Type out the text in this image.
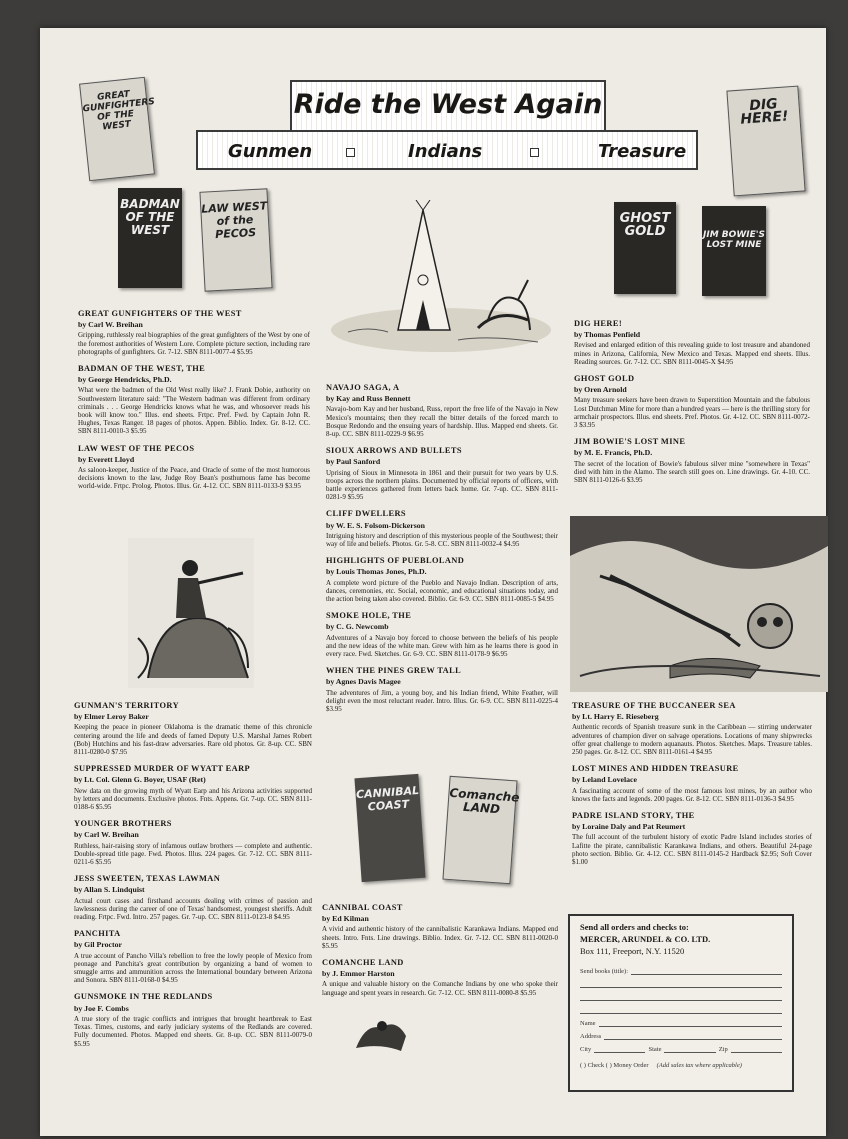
Ride the West Again
Gunmen	Indians	Treasure
GREAT GUNFIGHTERS OF THE WEST
BADMAN OF THE WEST
LAW WEST of the PECOS
DIG HERE!
GHOST GOLD	JIM BOWIE'S LOST MINE
CANNIBAL COAST
Comanche LAND
GREAT GUNFIGHTERS OF THE WEST
by Carl W. Breihan
Gripping, ruthlessly real biographies of the great gunfighters of the West by one of the foremost authorities of Western Lore. Complete picture section, including rare photographs of gunfighters. Gr. 7-12. SBN 8111-0077-4 $5.95
BADMAN OF THE WEST, THE
by George Hendricks, Ph.D.
What were the badmen of the Old West really like? J. Frank Dobie, authority on Southwestern literature said: "The Western badman was different from ordinary criminals . . . George Hendricks knows what he was, and whosoever reads his book will know too." Illus. end sheets. Frtpc. Pref. Fwd. by Captain John R. Hughes, Texas Ranger. 18 pages of photos. Appen. Biblio. Index. Gr. 8-12. CC. SBN 8111-0010-3 $5.95
LAW WEST OF THE PECOS
by Everett Lloyd
As saloon-keeper, Justice of the Peace, and Oracle of some of the most humorous decisions known to the law, Judge Roy Bean's posthumous fame has become world-wide. Frtpc. Prolog. Photos. Illus. Gr. 4-12. CC. SBN 8111-0133-9 $3.95
GUNMAN'S TERRITORY
by Elmer Leroy Baker
Keeping the peace in pioneer Oklahoma is the dramatic theme of this chronicle centering around the life and deeds of famed Deputy U.S. Marshal James Robert (Bob) Hutchins and his fast-draw adversaries. Rare old photos. Gr. 8-up. CC. SBN 8111-0280-0 $7.95
SUPPRESSED MURDER OF WYATT EARP
by Lt. Col. Glenn G. Boyer, USAF (Ret)
New data on the growing myth of Wyatt Earp and his Arizona activities supported by letters and documents. Exclusive photos. Fnts. Appens. Gr. 7-up. CC. SBN 8111-0188-6 $5.95
YOUNGER BROTHERS
by Carl W. Breihan
Ruthless, hair-raising story of infamous outlaw brothers — complete and authentic. Double-spread title page. Fwd. Photos. Illus. 224 pages. Gr. 7-12. CC. SBN 8111-0211-6 $5.95
JESS SWEETEN, TEXAS LAWMAN
by Allan S. Lindquist
Actual court cases and firsthand accounts dealing with crimes of passion and lawlessness during the career of one of Texas' handsomest, youngest sheriffs. Adult reading. Frtpc. Fwd. Intro. 257 pages. Gr. 7-up. CC. SBN 8111-0123-8 $4.95
PANCHITA
by Gil Proctor
A true account of Pancho Villa's rebellion to free the lowly people of Mexico from peonage and Panchita's great contribution by organizing a band of women to smuggle arms and ammunition across the International boundary between Arizona and Sonora. SBN 8111-0168-0 $4.95
GUNSMOKE IN THE REDLANDS
by Joe F. Combs
A true story of the tragic conflicts and intrigues that brought heartbreak to East Texas. Times, customs, and early judiciary systems of the Redlands are covered. Fully documented. Photos. Mapped end sheets. Gr. 8-up. CC. SBN 8111-0079-0 $5.95
NAVAJO SAGA, A
by Kay and Russ Bennett
Navajo-born Kay and her husband, Russ, report the free life of the Navajo in New Mexico's mountains; then they recall the bitter details of the forced march to Bosque Redondo and the ensuing years of hardship. Illus. Mapped end sheets. Gr. 8-up. CC. SBN 8111-0229-9 $6.95
SIOUX ARROWS AND BULLETS
by Paul Sanford
Uprising of Sioux in Minnesota in 1861 and their pursuit for two years by U.S. troops across the northern plains. Documented by official reports of officers, with battle experiences gathered from letters back home. Gr. 7-up. CC. SBN 8111-0281-9 $5.95
CLIFF DWELLERS
by W. E. S. Folsom-Dickerson
Intriguing history and description of this mysterious people of the Southwest; their way of life and beliefs. Photos. Gr. 5-8. CC. SBN 8111-0032-4 $4.95
HIGHLIGHTS OF PUEBLOLAND
by Louis Thomas Jones, Ph.D.
A complete word picture of the Pueblo and Navajo Indian. Description of arts, dances, ceremonies, etc. Social, economic, and educational situations today, and the action being taken also covered. Biblio. Gr. 6-9. CC. SBN 8111-0085-5 $4.95
SMOKE HOLE, THE
by C. G. Newcomb
Adventures of a Navajo boy forced to choose between the beliefs of his people and the new ideas of the white man. Grew with him as he learns there is good in every race. Fwd. Sketches. Gr. 6-9. CC. SBN 8111-0178-9 $6.95
WHEN THE PINES GREW TALL
by Agnes Davis Magee
The adventures of Jim, a young boy, and his Indian friend, White Feather, will delight even the most reluctant reader. Intro. Illus. Gr. 6-9. CC. SBN 8111-0225-4 $3.95
CANNIBAL COAST
by Ed Kilman
A vivid and authentic history of the cannibalistic Karankawa Indians. Mapped end sheets. Intro. Fnts. Line drawings. Biblio. Index. Gr. 7-12. CC. SBN 8111-0020-0 $5.95
COMANCHE LAND
by J. Emmor Harston
A unique and valuable history on the Comanche Indians by one who spoke their language and spent years in research. Gr. 7-12. CC. SBN 8111-0080-8 $5.95
DIG HERE!
by Thomas Penfield
Revised and enlarged edition of this revealing guide to lost treasure and abandoned mines in Arizona, California, New Mexico and Texas. Mapped end sheets. Illus. Reading sources. Gr. 7-12. CC. SBN 8111-0045-X $4.95
GHOST GOLD
by Oren Arnold
Many treasure seekers have been drawn to Superstition Mountain and the fabulous Lost Dutchman Mine for more than a hundred years — here is the thrilling story for armchair prospectors. Illus. end sheets. Pref. Photos. Gr. 4-12. CC. SBN 8111-0072-3 $3.95
JIM BOWIE'S LOST MINE
by M. E. Francis, Ph.D.
The secret of the location of Bowie's fabulous silver mine "somewhere in Texas" died with him in the Alamo. The search still goes on. Line drawings. Gr. 4-10. CC. SBN 8111-0126-6 $3.95
TREASURE OF THE BUCCANEER SEA
by Lt. Harry E. Rieseberg
Authentic records of Spanish treasure sunk in the Caribbean — stirring underwater adventures of champion diver on salvage operations. Locations of many shipwrecks offer great challenge to modern aquanauts. Photos. Sketches. Maps. Treasure tables. 250 pages. Gr. 8-12. CC. SBN 8111-0161-4 $4.95
LOST MINES AND HIDDEN TREASURE
by Leland Lovelace
A fascinating account of some of the most famous lost mines, by an author who knows the facts and legends. 200 pages. Gr. 8-12. CC. SBN 8111-0136-3 $4.95
PADRE ISLAND STORY, THE
by Loraine Daly and Pat Reumert
The full account of the turbulent history of exotic Padre Island includes stories of Lafitte the pirate, cannibalistic Karankawa Indians, and others. Beautiful 24-page photo section. Biblio. Gr. 4-12. CC. SBN 8111-0145-2 Hardback $2.95; Soft Cover $1.00
Send all orders and checks to:
MERCER, ARUNDEL & CO. LTD.
Box 111, Freeport, N.Y. 11520
Send books (title):
Name
Address
City	State	Zip
( ) Check ( ) Money Order (Add sales tax where applicable)
